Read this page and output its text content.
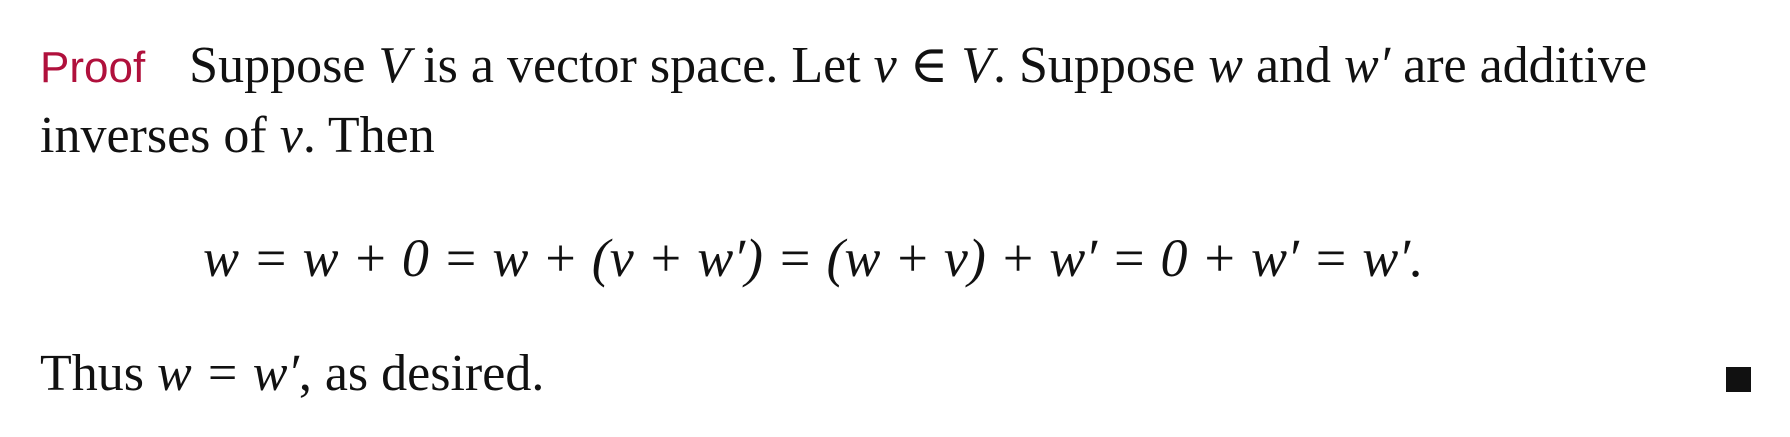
Proof Suppose V is a vector space. Let v ∈ V. Suppose w and w′ are additive
inverses of v. Then
w = w + 0 = w + (v + w′) = (w + v) + w′ = 0 + w′ = w′.
Thus w = w′, as desired.
